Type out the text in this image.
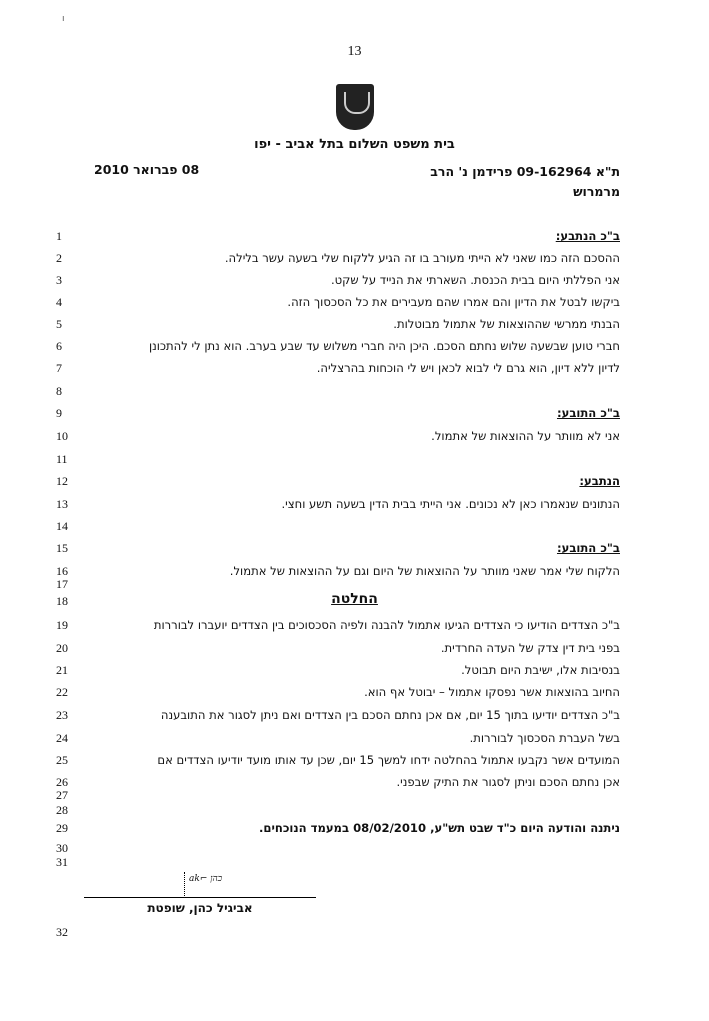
ı
13
בית משפט השלום בתל אביב - יפו
ת"א 09-162964 פרידמן נ' הרב
מרמרוש
08 פברואר 2010
1	ב"כ הנתבע:
2	ההסכם הזה כמו שאני לא הייתי מעורב בו זה הגיע ללקוח שלי בשעה עשר בלילה.
3	אני הפללתי היום בבית הכנסת. השארתי את הנייד על שקט.
4	ביקשו לבטל את הדיון והם אמרו שהם מעבירים את כל הסכסוך הזה.
5	הבנתי ממרשי שההוצאות של אתמול מבוטלות.
6	חברי טוען שבשעה שלוש נחתם הסכם. היכן היה חברי משלוש עד שבע בערב. הוא נתן לי להתכונן
7	לדיון ללא דיון, הוא גרם לי לבוא לכאן ויש לי הוכחות בהרצליה.
8
9	ב"כ התובע:
10	אני לא מוותר על ההוצאות של אתמול.
11
12	הנתבע:
13	הנתונים שנאמרו כאן לא נכונים. אני הייתי בבית הדין בשעה תשע וחצי.
14
15	ב"כ התובע:
16	הלקוח שלי אמר שאני מוותר על ההוצאות של היום וגם על ההוצאות של אתמול.
17
18	החלטה
19	ב"כ הצדדים הודיעו כי הצדדים הגיעו אתמול להבנה ולפיה הסכסוכים בין הצדדים יועברו לבוררות
20	בפני בית דין צדק של העדה החרדית.
21	בנסיבות אלו, ישיבת היום תבוטל.
22	החיוב בהוצאות אשר נפסקו אתמול – יבוטל אף הוא.
23	ב"כ הצדדים יודיעו בתוך 15 יום, אם אכן נחתם הסכם בין הצדדים ואם ניתן לסגור את התובענה
24	בשל העברת הסכסוך לבוררות.
25	המועדים אשר נקבעו אתמול בהחלטה ידחו למשך 15 יום, שכן עד אותו מועד יודיעו הצדדים אם
26	אכן נחתם הסכם וניתן לסגור את התיק שבפני.
27
28
29	ניתנה והודעה היום כ"ד שבט תש"ע, 08/02/2010 במעמד הנוכחים.
30
31
32
ak⌐ כהן
אביגיל כהן, שופטת
